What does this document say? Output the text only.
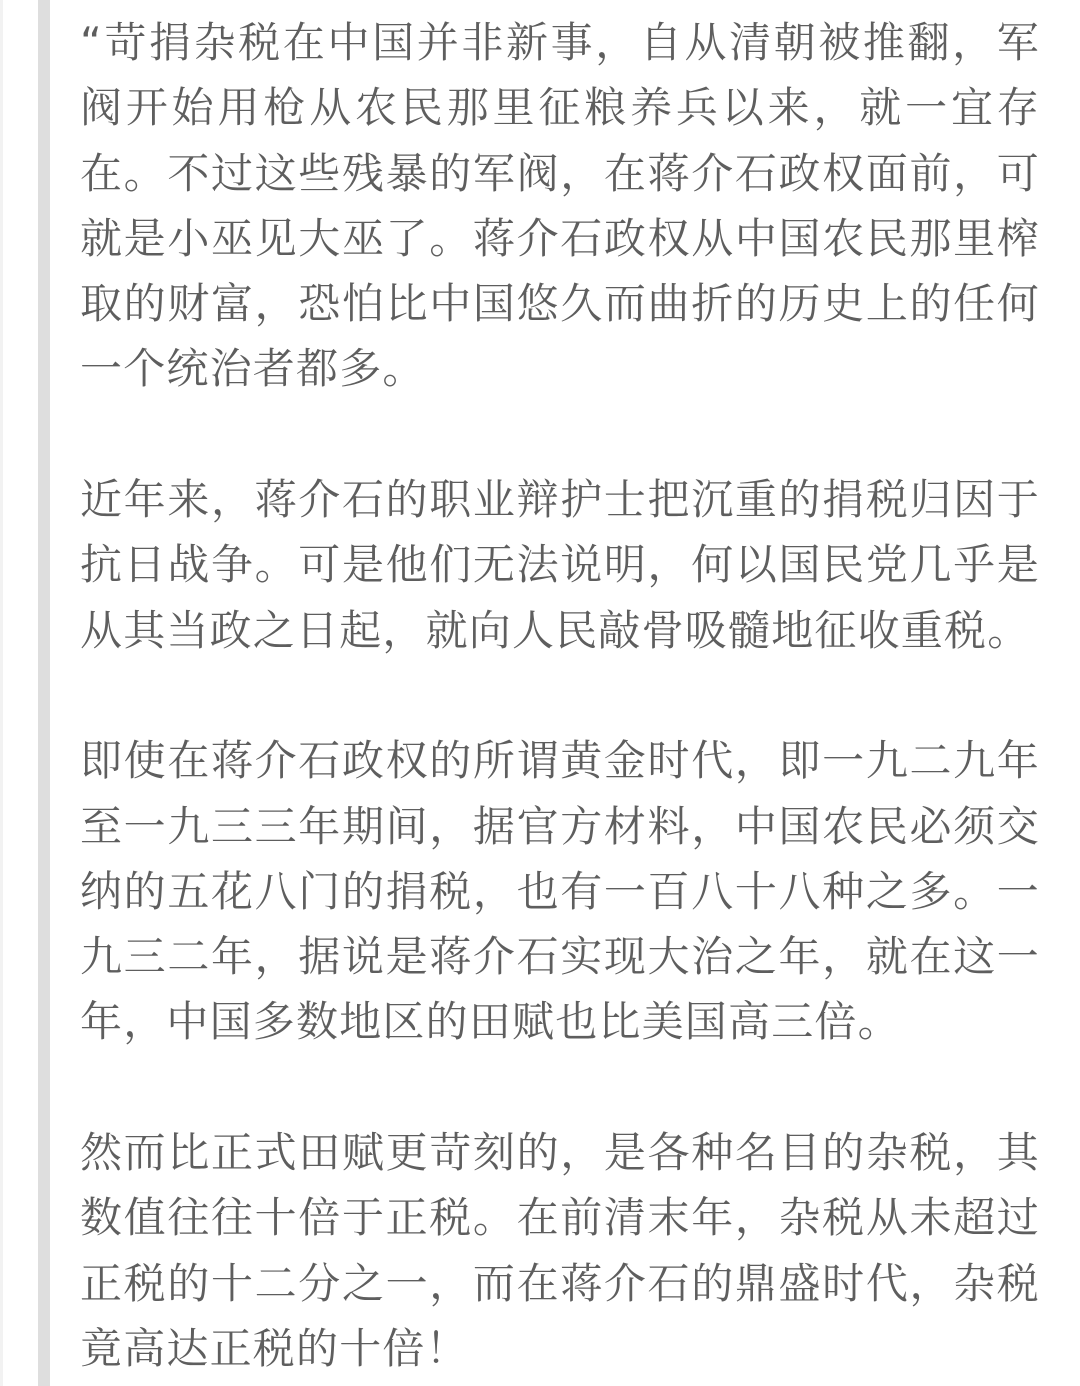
“苛捐杂税在中国并非新事，自从清朝被推翻，军阀开始用枪从农民那里征粮养兵以来，就一宜存在。不过这些残暴的军阀，在蒋介石政权面前，可就是小巫见大巫了。蒋介石政权从中国农民那里榨取的财富，恐怕比中国悠久而曲折的历史上的任何一个统治者都多。

近年来，蒋介石的职业辩护士把沉重的捐税归因于抗日战争。可是他们无法说明，何以国民党几乎是从其当政之日起，就向人民敲骨吸髓地征收重税。

即使在蒋介石政权的所谓黄金时代，即一九二九年至一九三三年期间，据官方材料，中国农民必须交纳的五花八门的捐税，也有一百八十八种之多。一九三二年，据说是蒋介石实现大治之年，就在这一年，中国多数地区的田赋也比美国高三倍。

然而比正式田赋更苛刻的，是各种名目的杂税，其数值往往十倍于正税。在前清末年，杂税从未超过正税的十二分之一，而在蒋介石的鼎盛时代，杂税竟高达正税的十倍！
